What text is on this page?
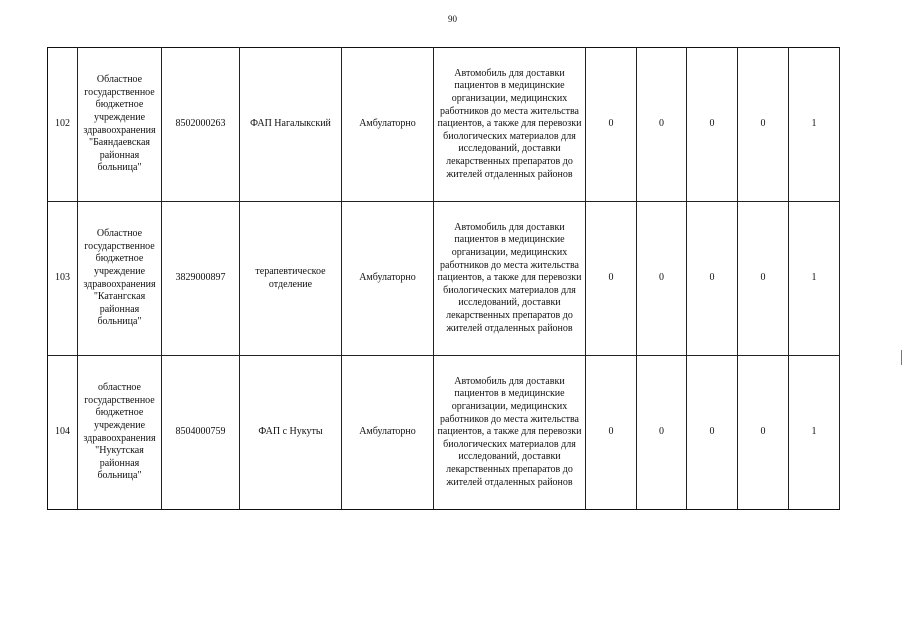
90
102	Областное государственное бюджетное учреждение здравоохранения "Баяндаевская районная больница"	8502000263	ФАП Нагалыкский	Амбулаторно	Автомобиль для доставки пациентов в медицинские организации, медицинских работников до места жительства пациентов, а также для перевозки биологических материалов для исследований, доставки лекарственных препаратов до жителей отдаленных районов	0	0	0	0	1
103	Областное государственное бюджетное учреждение здравоохранения "Катангская районная больница"	3829000897	терапевтическое отделение	Амбулаторно	Автомобиль для доставки пациентов в медицинские организации, медицинских работников до места жительства пациентов, а также для перевозки биологических материалов для исследований, доставки лекарственных препаратов до жителей отдаленных районов	0	0	0	0	1
104	областное государственное бюджетное учреждение здравоохранения "Нукутская районная больница"	8504000759	ФАП с Нукуты	Амбулаторно	Автомобиль для доставки пациентов в медицинские организации, медицинских работников до места жительства пациентов, а также для перевозки биологических материалов для исследований, доставки лекарственных препаратов до жителей отдаленных районов	0	0	0	0	1
